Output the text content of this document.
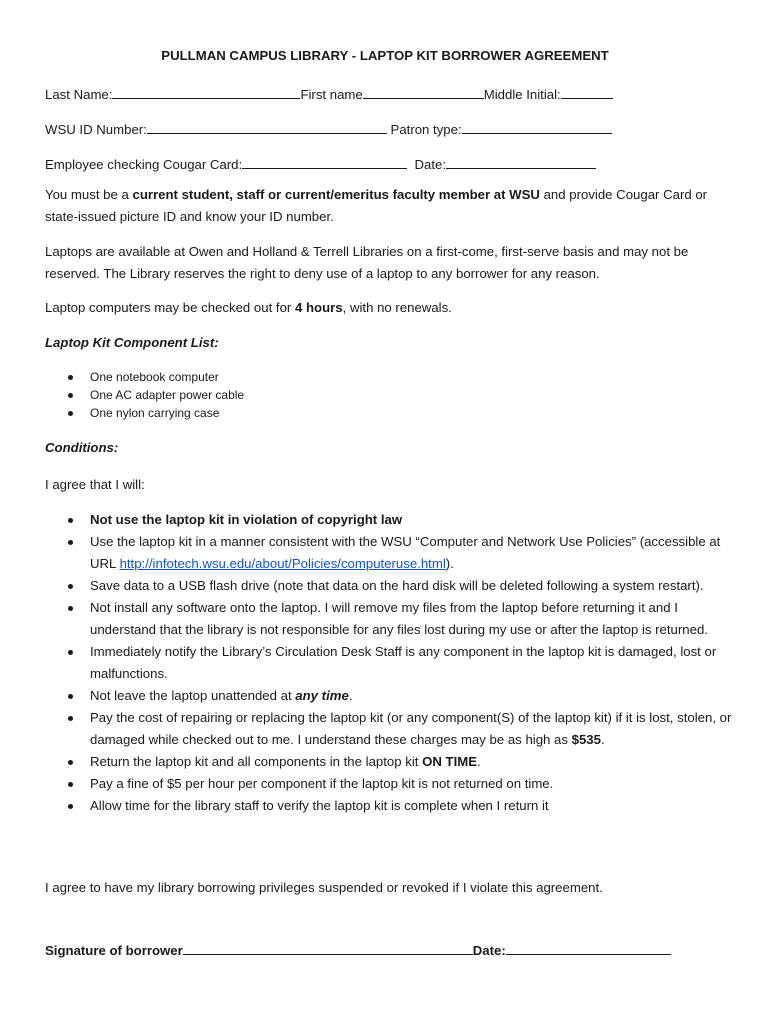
PULLMAN CAMPUS LIBRARY - LAPTOP KIT BORROWER AGREEMENT
Last Name:	First name	Middle Initial:
WSU ID Number:	Patron type:
Employee checking Cougar Card:	Date:
You must be a current student, staff or current/emeritus faculty member at WSU and provide Cougar Card or state-issued picture ID and know your ID number.
Laptops are available at Owen and Holland & Terrell Libraries on a first-come, first-serve basis and may not be reserved. The Library reserves the right to deny use of a laptop to any borrower for any reason.
Laptop computers may be checked out for 4 hours, with no renewals.
Laptop Kit Component List:
One notebook computer
One AC adapter power cable
One nylon carrying case
Conditions:
I agree that I will:
Not use the laptop kit in violation of copyright law
Use the laptop kit in a manner consistent with the WSU “Computer and Network Use Policies” (accessible at URL http://infotech.wsu.edu/about/Policies/computeruse.html).
Save data to a USB flash drive (note that data on the hard disk will be deleted following a system restart).
Not install any software onto the laptop. I will remove my files from the laptop before returning it and I understand that the library is not responsible for any files lost during my use or after the laptop is returned.
Immediately notify the Library’s Circulation Desk Staff is any component in the laptop kit is damaged, lost or malfunctions.
Not leave the laptop unattended at any time.
Pay the cost of repairing or replacing the laptop kit (or any component(S) of the laptop kit) if it is lost, stolen, or damaged while checked out to me. I understand these charges may be as high as $535.
Return the laptop kit and all components in the laptop kit ON TIME.
Pay a fine of $5 per hour per component if the laptop kit is not returned on time.
Allow time for the library staff to verify the laptop kit is complete when I return it
I agree to have my library borrowing privileges suspended or revoked if I violate this agreement.
Signature of borrower	Date:
